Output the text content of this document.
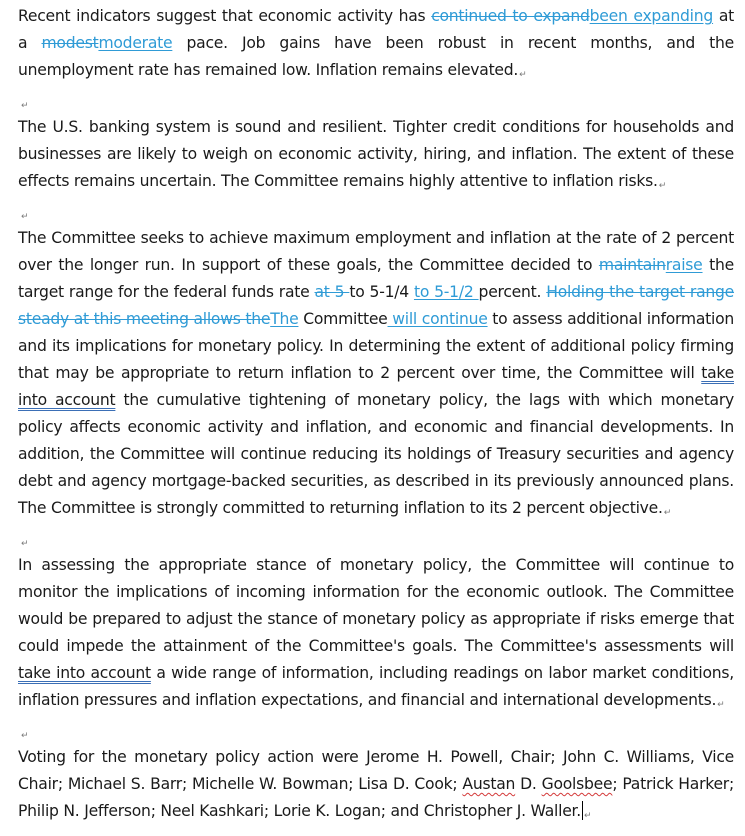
Recent indicators suggest that economic activity has continued to expandbeen expanding at a modestmoderate pace. Job gains have been robust in recent months, and the unemployment rate has remained low. Inflation remains elevated.↵

↵

The U.S. banking system is sound and resilient. Tighter credit conditions for households and businesses are likely to weigh on economic activity, hiring, and inflation. The extent of these effects remains uncertain. The Committee remains highly attentive to inflation risks.↵

↵

The Committee seeks to achieve maximum employment and inflation at the rate of 2 percent over the longer run. In support of these goals, the Committee decided to maintainraise the target range for the federal funds rate at 5 to 5-1/4 to 5-1/2 percent. Holding the target range steady at this meeting allows theThe Committee will continue to assess additional information and its implications for monetary policy. In determining the extent of additional policy firming that may be appropriate to return inflation to 2 percent over time, the Committee will take into account the cumulative tightening of monetary policy, the lags with which monetary policy affects economic activity and inflation, and economic and financial developments. In addition, the Committee will continue reducing its holdings of Treasury securities and agency debt and agency mortgage-backed securities, as described in its previously announced plans. The Committee is strongly committed to returning inflation to its 2 percent objective.↵

↵

In assessing the appropriate stance of monetary policy, the Committee will continue to monitor the implications of incoming information for the economic outlook. The Committee would be prepared to adjust the stance of monetary policy as appropriate if risks emerge that could impede the attainment of the Committee's goals. The Committee's assessments will take into account a wide range of information, including readings on labor market conditions, inflation pressures and inflation expectations, and financial and international developments.↵

↵

Voting for the monetary policy action were Jerome H. Powell, Chair; John C. Williams, Vice Chair; Michael S. Barr; Michelle W. Bowman; Lisa D. Cook; Austan D. Goolsbee; Patrick Harker; Philip N. Jefferson; Neel Kashkari; Lorie K. Logan; and Christopher J. Waller. ↵
